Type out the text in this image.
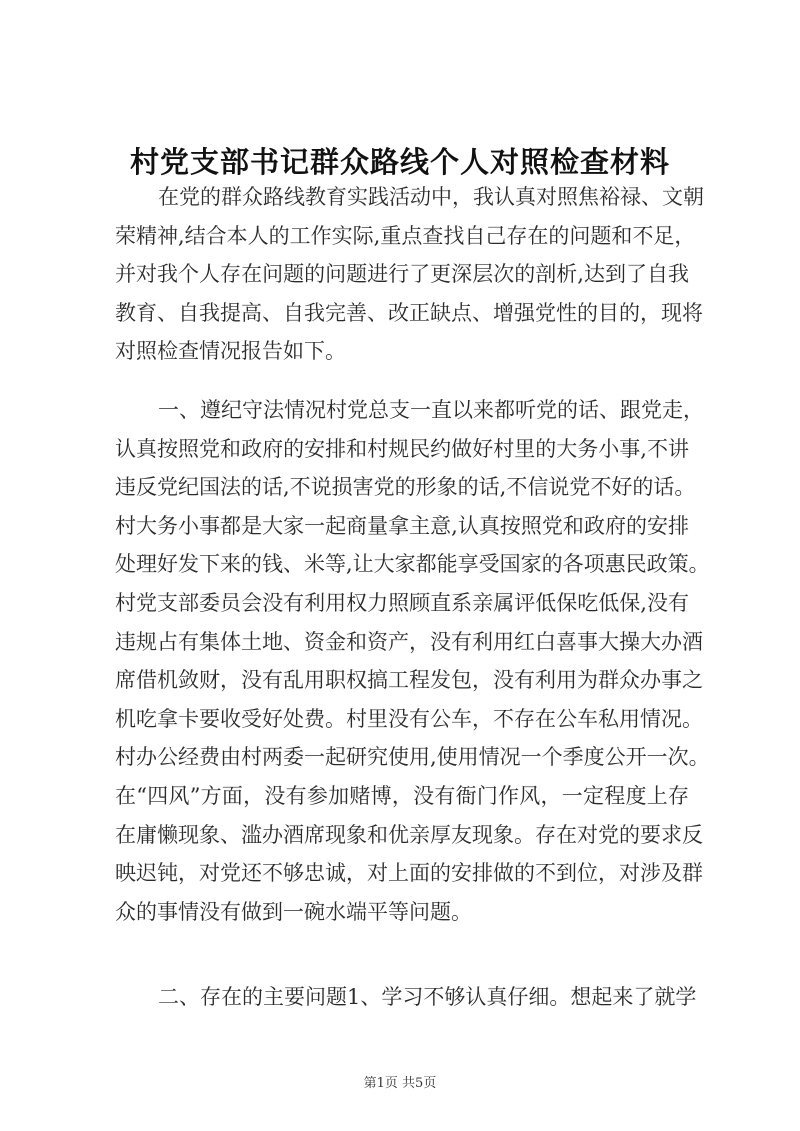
村党支部书记群众路线个人对照检查材料
在党的群众路线教育实践活动中，我认真对照焦裕禄、文朝
荣精神,结合本人的工作实际,重点查找自己存在的问题和不足，
并对我个人存在问题的问题进行了更深层次的剖析,达到了自我
教育、自我提高、自我完善、改正缺点、增强党性的目的，现将
对照检查情况报告如下。
一、遵纪守法情况村党总支一直以来都听党的话、跟党走，
认真按照党和政府的安排和村规民约做好村里的大务小事,不讲
违反党纪国法的话,不说损害党的形象的话,不信说党不好的话。
村大务小事都是大家一起商量拿主意,认真按照党和政府的安排
处理好发下来的钱、米等,让大家都能享受国家的各项惠民政策。
村党支部委员会没有利用权力照顾直系亲属评低保吃低保,没有
违规占有集体土地、资金和资产，没有利用红白喜事大操大办酒
席借机敛财，没有乱用职权搞工程发包，没有利用为群众办事之
机吃拿卡要收受好处费。村里没有公车，不存在公车私用情况。
村办公经费由村两委一起研究使用,使用情况一个季度公开一次。
在“四风”方面，没有参加赌博，没有衙门作风，一定程度上存
在庸懒现象、滥办酒席现象和优亲厚友现象。存在对党的要求反
映迟钝，对党还不够忠诚，对上面的安排做的不到位，对涉及群
众的事情没有做到一碗水端平等问题。
二、存在的主要问题1、学习不够认真仔细。想起来了就学
第1页 共5页
